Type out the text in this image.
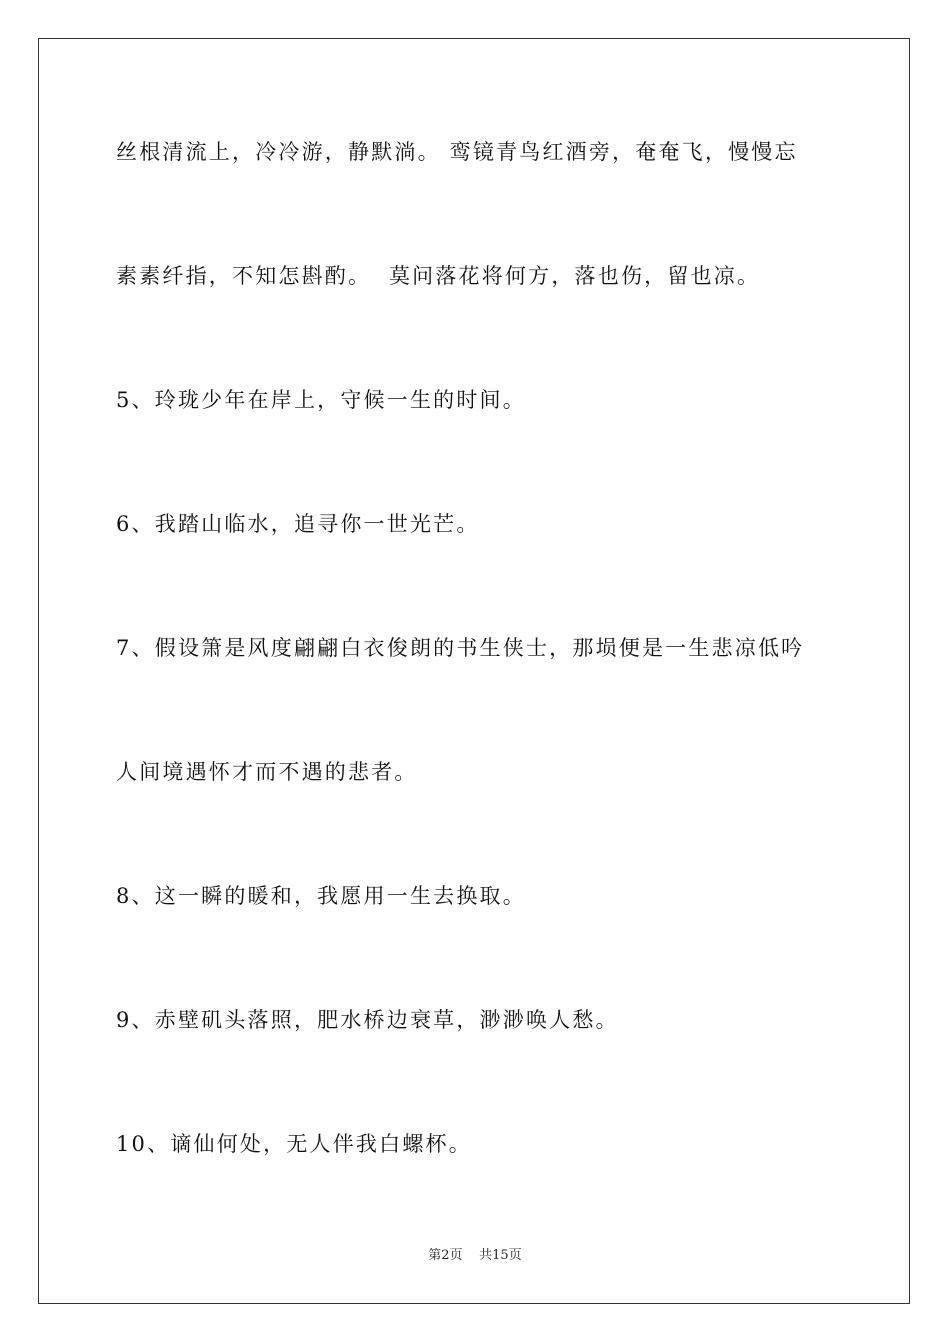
丝根清流上，冷冷游，静默淌。 鸾镜青鸟红酒旁，奄奄飞，慢慢忘
素素纤指，不知怎斟酌。  莫问落花将何方，落也伤，留也凉。
5、玲珑少年在岸上，守候一生的时间。
6、我踏山临水，追寻你一世光芒。
7、假设箫是风度翩翩白衣俊朗的书生侠士，那埙便是一生悲凉低吟
人间境遇怀才而不遇的悲者。
8、这一瞬的暖和，我愿用一生去换取。
9、赤壁矶头落照，肥水桥边衰草，渺渺唤人愁。
10、谪仙何处，无人伴我白螺杯。
第2页 共15页
